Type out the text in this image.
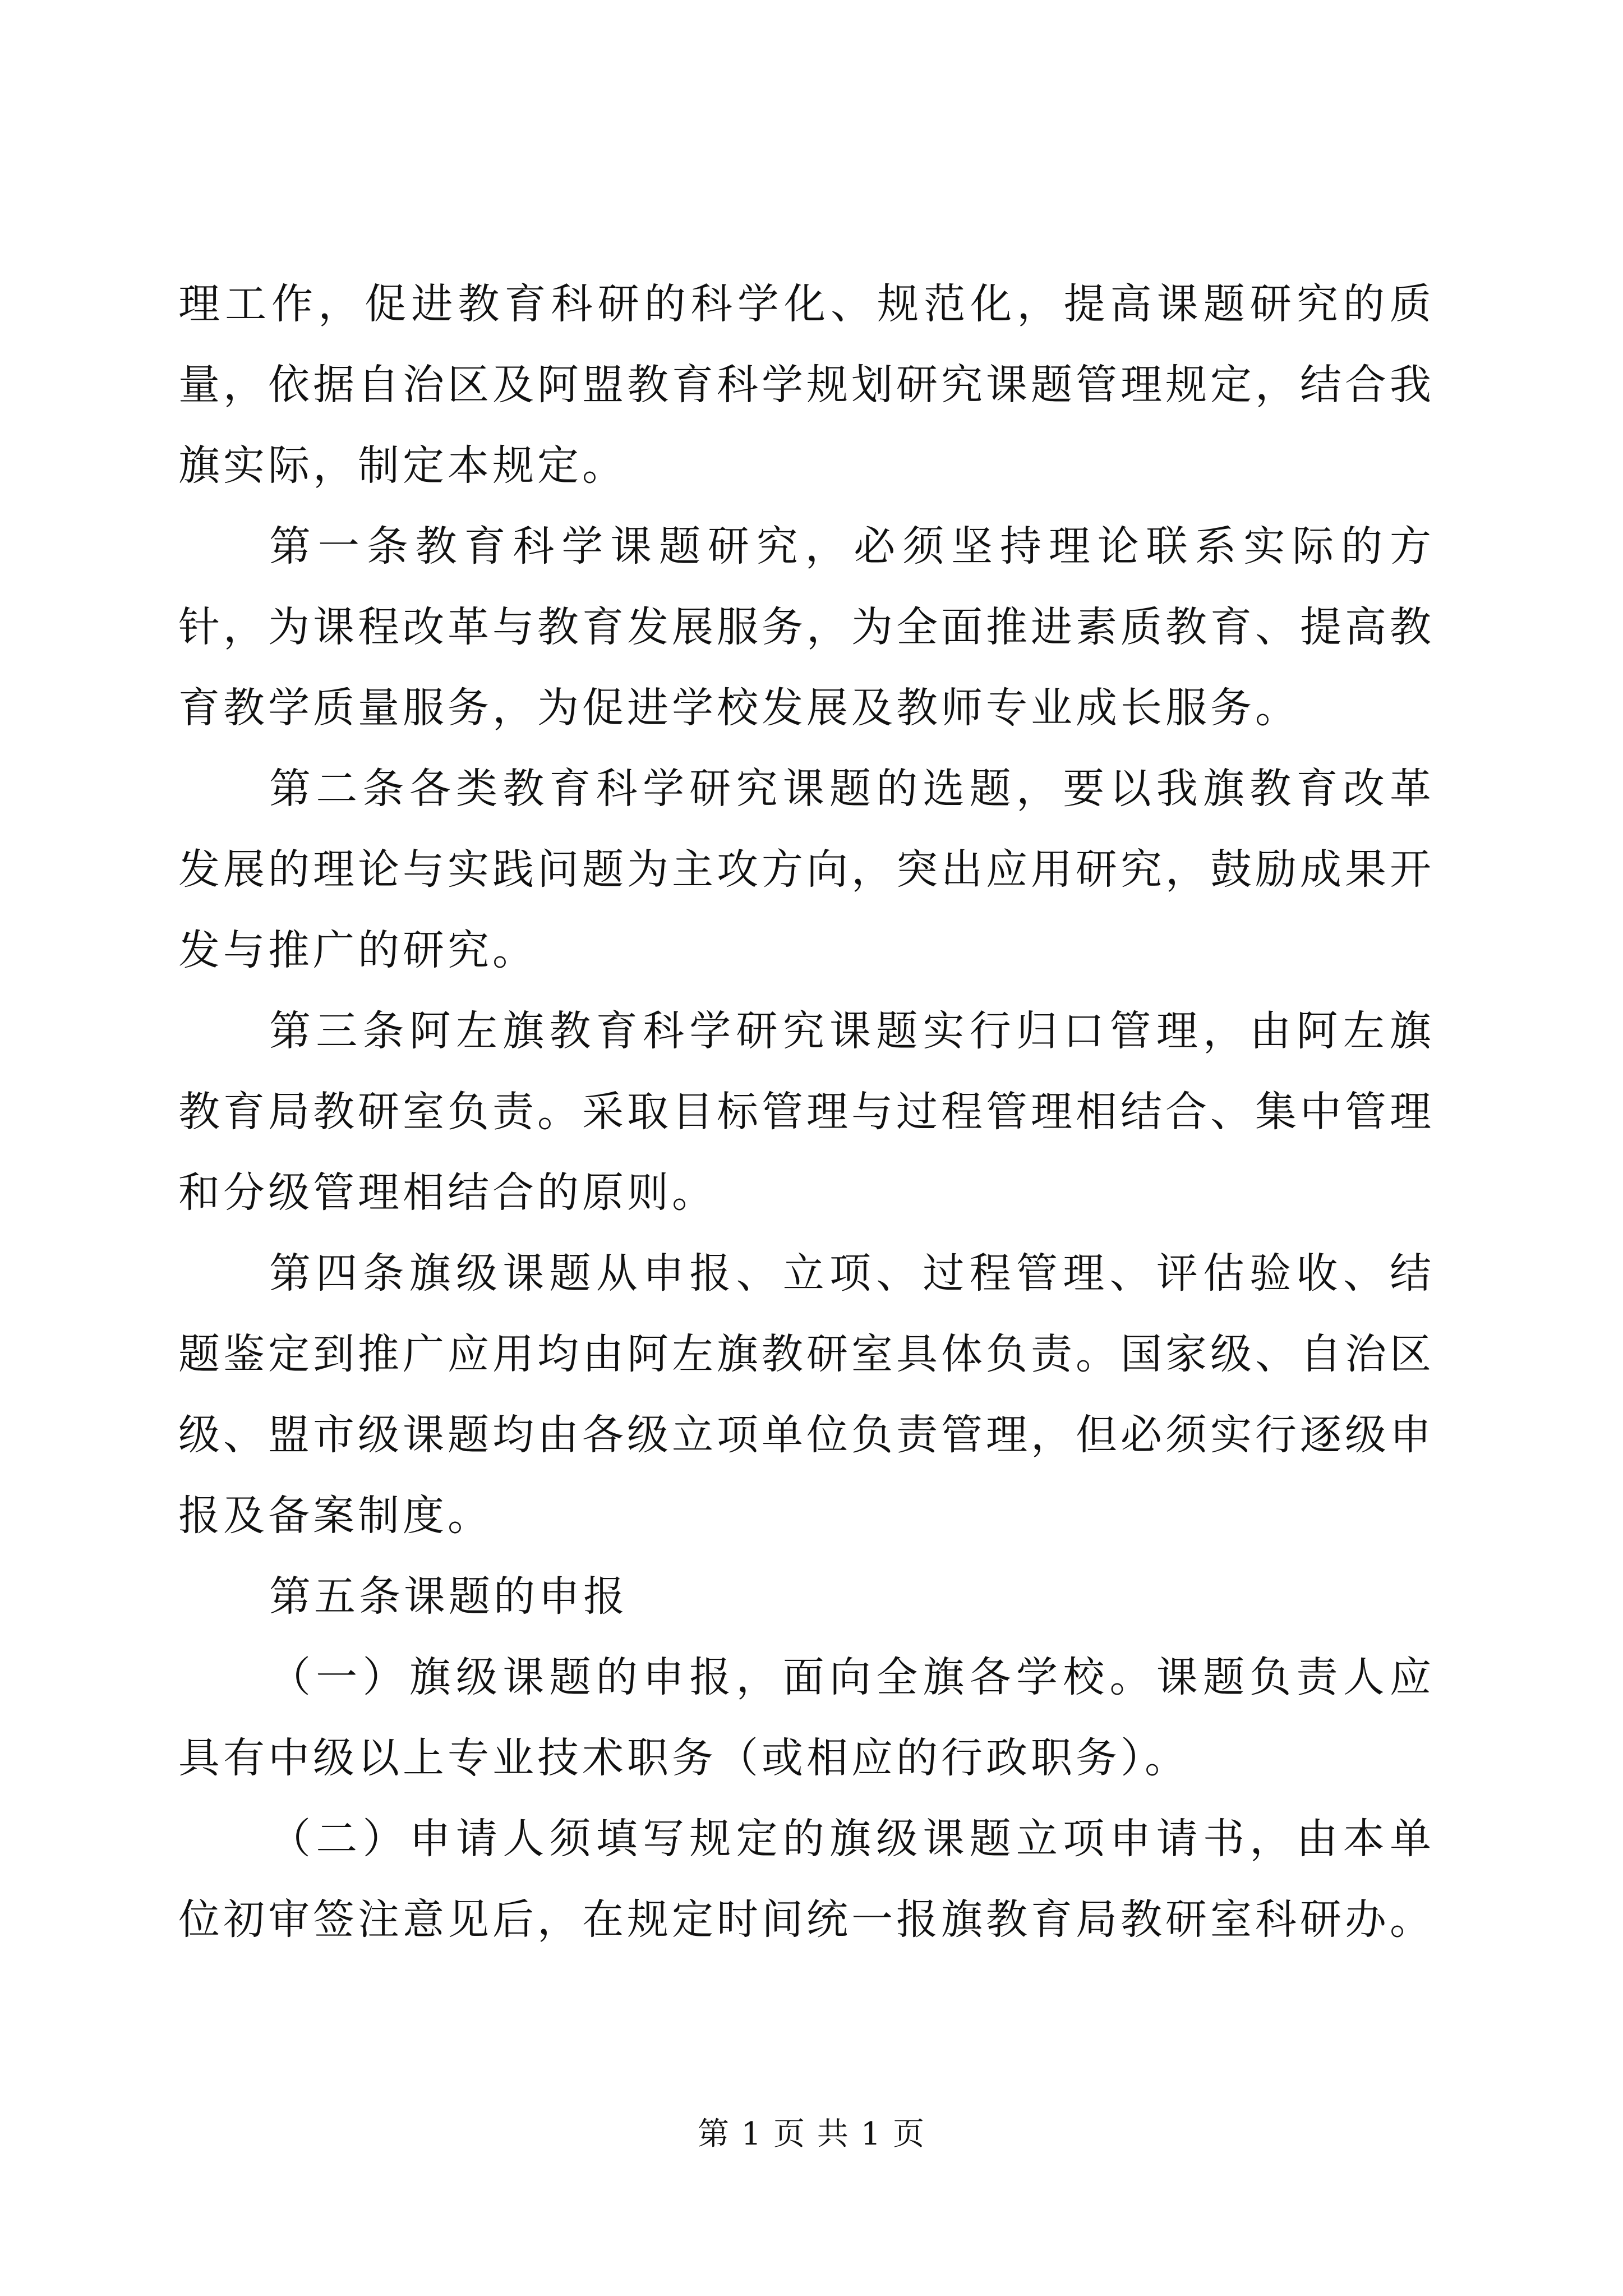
理工作，促进教育科研的科学化、规范化，提高课题研究的质量，依据自治区及阿盟教育科学规划研究课题管理规定，结合我旗实际，制定本规定。

第一条教育科学课题研究，必须坚持理论联系实际的方针，为课程改革与教育发展服务，为全面推进素质教育、提高教育教学质量服务，为促进学校发展及教师专业成长服务。

第二条各类教育科学研究课题的选题，要以我旗教育改革发展的理论与实践问题为主攻方向，突出应用研究，鼓励成果开发与推广的研究。

第三条阿左旗教育科学研究课题实行归口管理，由阿左旗教育局教研室负责。采取目标管理与过程管理相结合、集中管理和分级管理相结合的原则。

第四条旗级课题从申报、立项、过程管理、评估验收、结题鉴定到推广应用均由阿左旗教研室具体负责。国家级、自治区级、盟市级课题均由各级立项单位负责管理，但必须实行逐级申报及备案制度。

第五条课题的申报

（一）旗级课题的申报，面向全旗各学校。课题负责人应具有中级以上专业技术职务（或相应的行政职务）。

（二）申请人须填写规定的旗级课题立项申请书，由本单位初审签注意见后，在规定时间统一报旗教育局教研室科研办。

第 1 页 共 1 页
